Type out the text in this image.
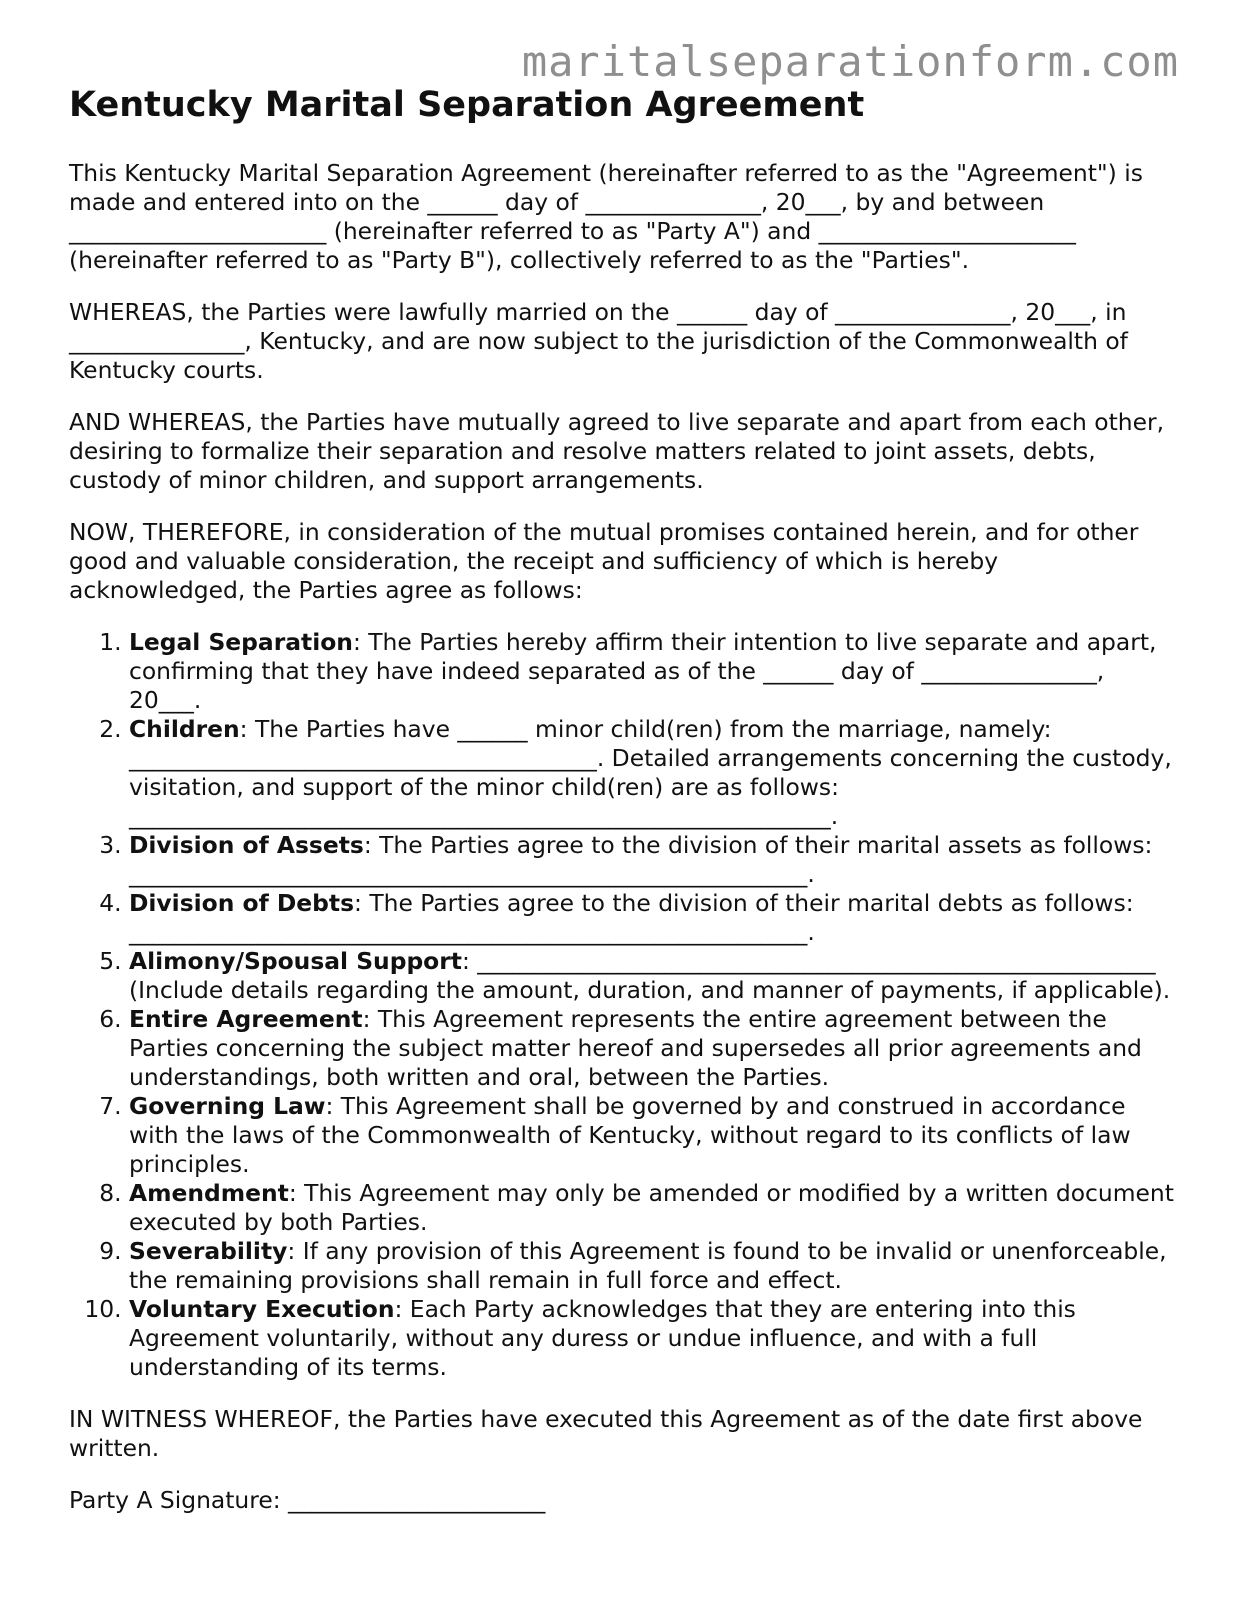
maritalseparationform.com
Kentucky Marital Separation Agreement

This Kentucky Marital Separation Agreement (hereinafter referred to as the "Agreement") is made and entered into on the ______ day of _______________, 20___, by and between ______________________ (hereinafter referred to as "Party A") and ______________________ (hereinafter referred to as "Party B"), collectively referred to as the "Parties".

WHEREAS, the Parties were lawfully married on the ______ day of _______________, 20___, in _______________, Kentucky, and are now subject to the jurisdiction of the Commonwealth of Kentucky courts.

AND WHEREAS, the Parties have mutually agreed to live separate and apart from each other, desiring to formalize their separation and resolve matters related to joint assets, debts, custody of minor children, and support arrangements.

NOW, THEREFORE, in consideration of the mutual promises contained herein, and for other good and valuable consideration, the receipt and sufficiency of which is hereby acknowledged, the Parties agree as follows:

1. Legal Separation: The Parties hereby affirm their intention to live separate and apart, confirming that they have indeed separated as of the ______ day of _______________, 20___.
2. Children: The Parties have ______ minor child(ren) from the marriage, namely: ________________________________________. Detailed arrangements concerning the custody, visitation, and support of the minor child(ren) are as follows: ____________________________________________________________.
3. Division of Assets: The Parties agree to the division of their marital assets as follows: __________________________________________________________.
4. Division of Debts: The Parties agree to the division of their marital debts as follows: __________________________________________________________.
5. Alimony/Spousal Support: __________________________________________________________ (Include details regarding the amount, duration, and manner of payments, if applicable).
6. Entire Agreement: This Agreement represents the entire agreement between the Parties concerning the subject matter hereof and supersedes all prior agreements and understandings, both written and oral, between the Parties.
7. Governing Law: This Agreement shall be governed by and construed in accordance with the laws of the Commonwealth of Kentucky, without regard to its conflicts of law principles.
8. Amendment: This Agreement may only be amended or modified by a written document executed by both Parties.
9. Severability: If any provision of this Agreement is found to be invalid or unenforceable, the remaining provisions shall remain in full force and effect.
10. Voluntary Execution: Each Party acknowledges that they are entering into this Agreement voluntarily, without any duress or undue influence, and with a full understanding of its terms.

IN WITNESS WHEREOF, the Parties have executed this Agreement as of the date first above written.

Party A Signature: ______________________
